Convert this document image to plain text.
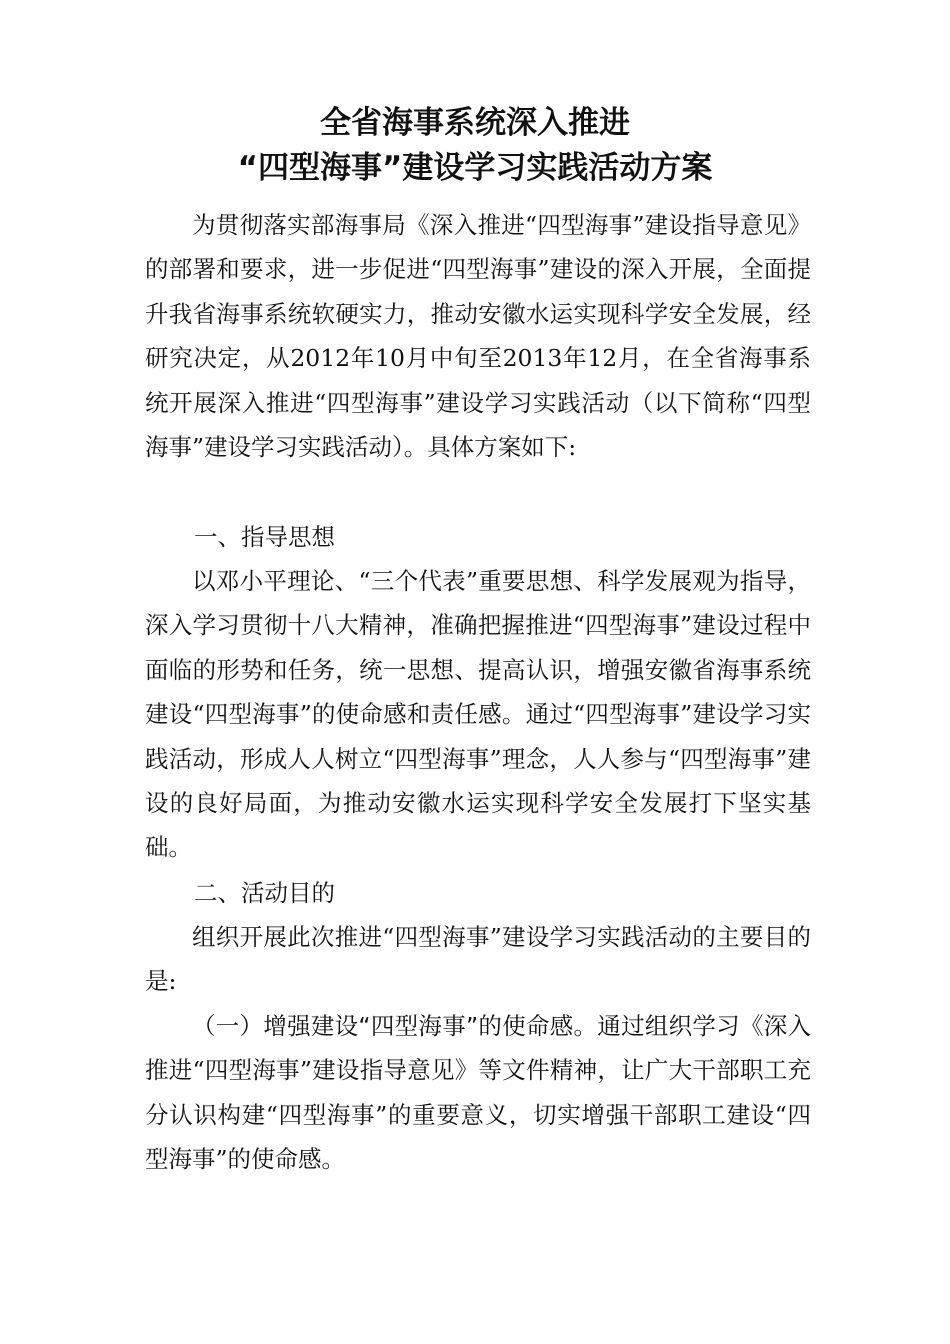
全省海事系统深入推进
“四型海事”建设学习实践活动方案

为贯彻落实部海事局《深入推进“四型海事”建设指导意见》的部署和要求，进一步促进“四型海事”建设的深入开展，全面提升我省海事系统软硬实力，推动安徽水运实现科学安全发展，经研究决定，从2012年10月中旬至2013年12月，在全省海事系统开展深入推进“四型海事”建设学习实践活动（以下简称“四型海事”建设学习实践活动）。具体方案如下:

一、指导思想

以邓小平理论、“三个代表”重要思想、科学发展观为指导，深入学习贯彻十八大精神，准确把握推进“四型海事”建设过程中面临的形势和任务，统一思想、提高认识，增强安徽省海事系统建设“四型海事”的使命感和责任感。通过“四型海事”建设学习实践活动，形成人人树立“四型海事”理念，人人参与“四型海事”建设的良好局面，为推动安徽水运实现科学安全发展打下坚实基础。

二、活动目的

组织开展此次推进“四型海事”建设学习实践活动的主要目的是:

（一）增强建设“四型海事”的使命感。通过组织学习《深入推进“四型海事”建设指导意见》等文件精神，让广大干部职工充分认识构建“四型海事”的重要意义，切实增强干部职工建设“四型海事”的使命感。
